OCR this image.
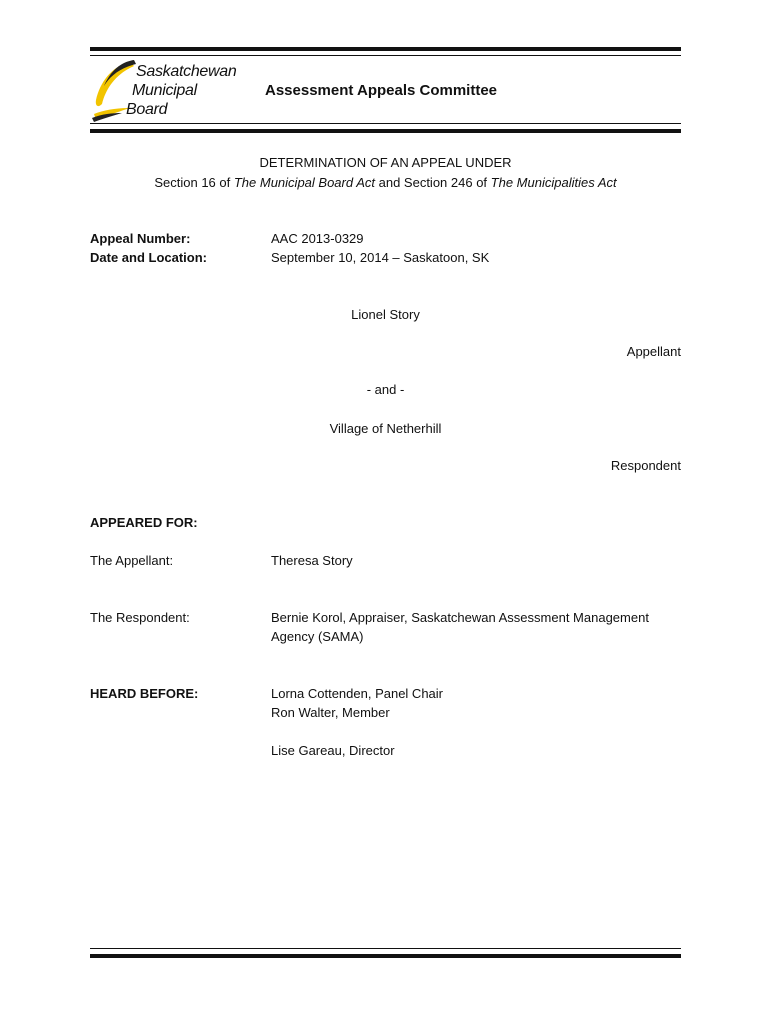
Saskatchewan
Municipal
Board
Assessment Appeals Committee
DETERMINATION OF AN APPEAL UNDER
Section 16 of The Municipal Board Act and Section 246 of The Municipalities Act
Appeal Number:	AAC 2013-0329
Date and Location:	September 10, 2014 – Saskatoon, SK
Lionel Story
Appellant
- and -
Village of Netherhill
Respondent
APPEARED FOR:
The Appellant:	Theresa Story
The Respondent:	Bernie Korol, Appraiser, Saskatchewan Assessment Management
Agency (SAMA)
HEARD BEFORE:	Lorna Cottenden, Panel Chair
Ron Walter, Member
Lise Gareau, Director
